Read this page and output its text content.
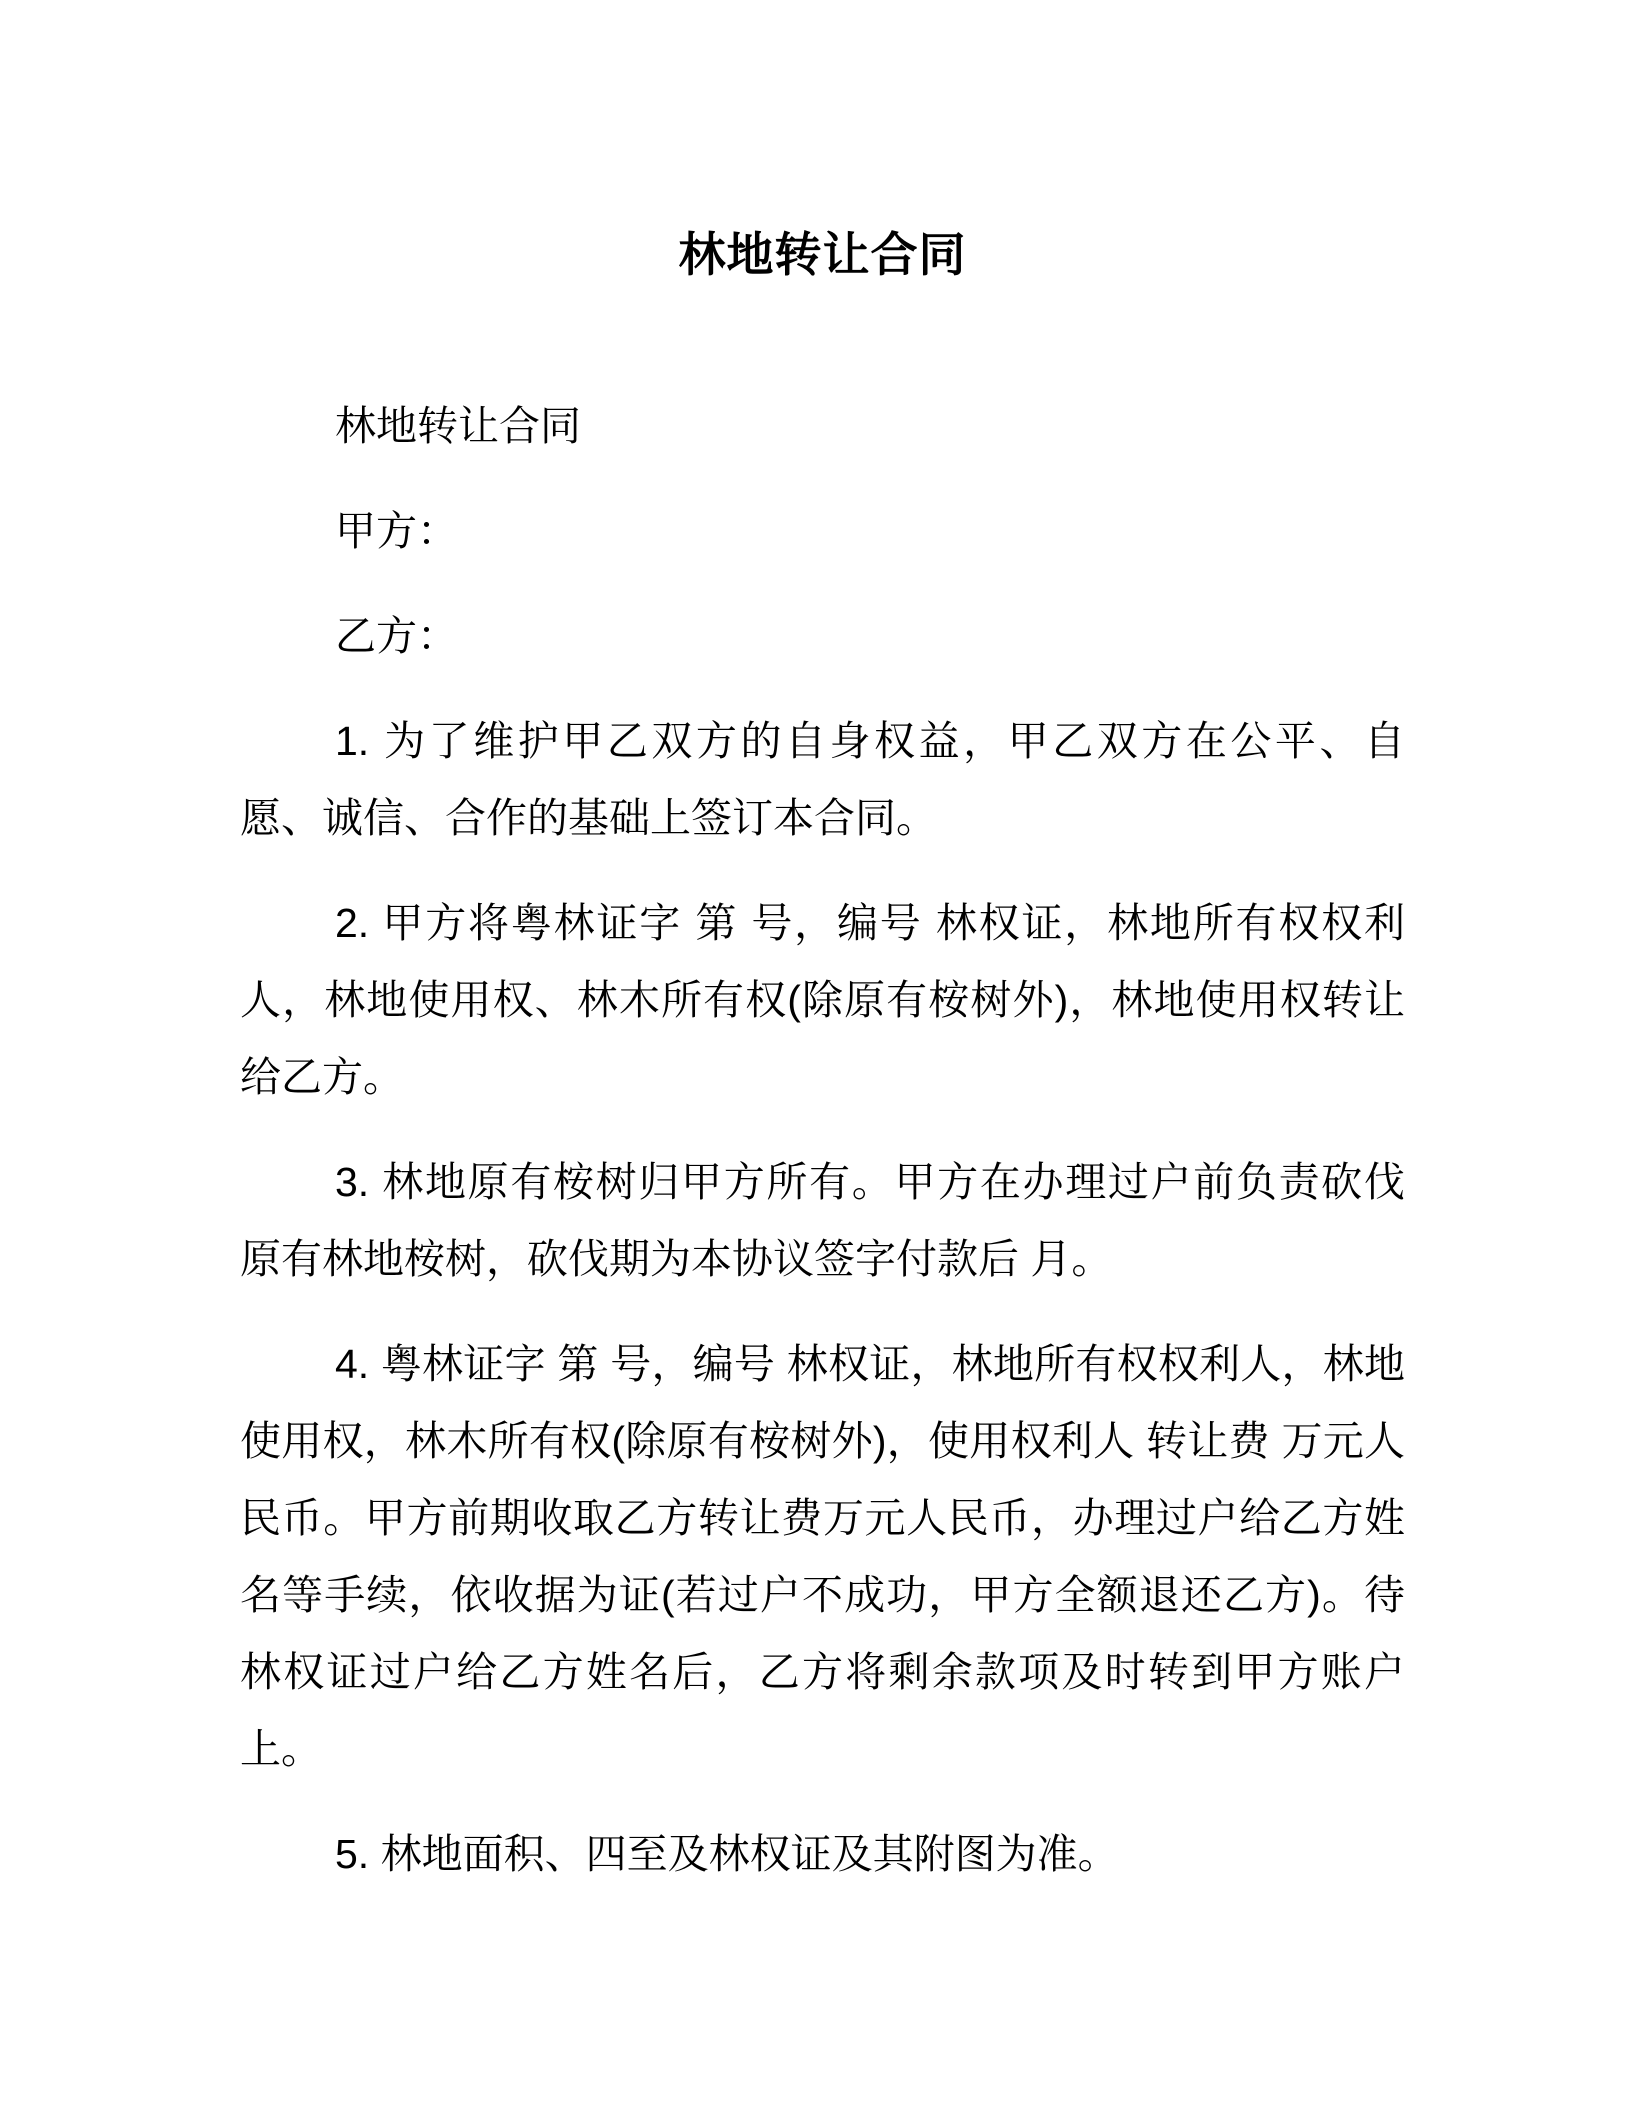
林地转让合同

林地转让合同

甲方：

乙方：

1. 为了维护甲乙双方的自身权益，甲乙双方在公平、自愿、诚信、合作的基础上签订本合同。

2. 甲方将粤林证字 第 号，编号 林权证，林地所有权权利人，林地使用权、林木所有权(除原有桉树外)，林地使用权转让给乙方。

3. 林地原有桉树归甲方所有。甲方在办理过户前负责砍伐原有林地桉树，砍伐期为本协议签字付款后 月。

4. 粤林证字 第 号，编号 林权证，林地所有权权利人，林地使用权，林木所有权(除原有桉树外)，使用权利人 转让费 万元人民币。甲方前期收取乙方转让费万元人民币，办理过户给乙方姓名等手续，依收据为证(若过户不成功，甲方全额退还乙方)。待林权证过户给乙方姓名后，乙方将剩余款项及时转到甲方账户上。

5. 林地面积、四至及林权证及其附图为准。
